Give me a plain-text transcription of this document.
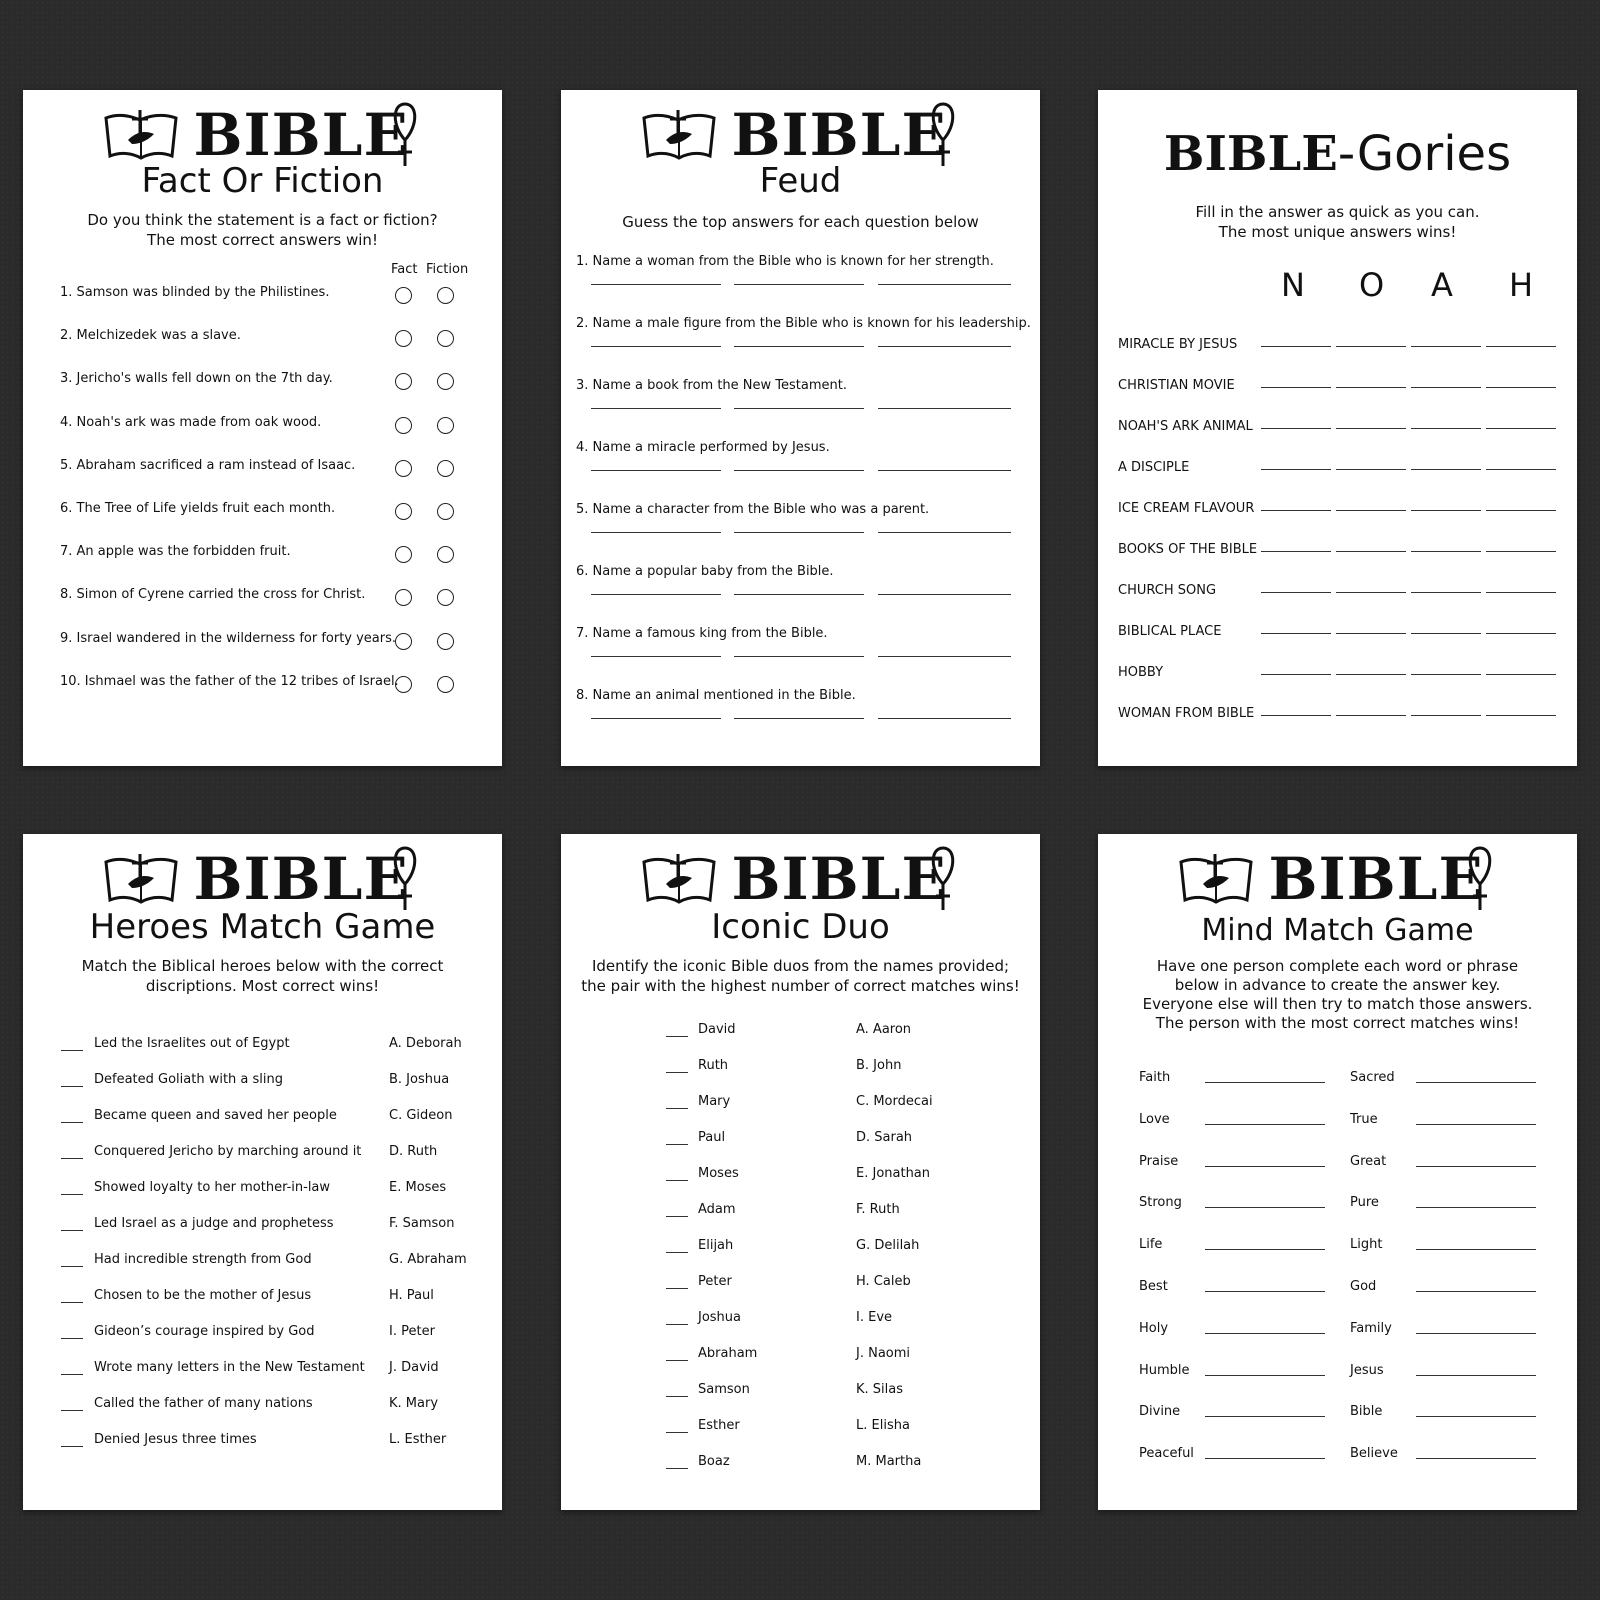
BIBLE
Fact Or Fiction
Do you think the statement is a fact or fiction?
The most correct answers win!
Fact Fiction
1. Samson was blinded by the Philistines.
2. Melchizedek was a slave.
3. Jericho's walls fell down on the 7th day.
4. Noah's ark was made from oak wood.
5. Abraham sacrificed a ram instead of Isaac.
6. The Tree of Life yields fruit each month.
7. An apple was the forbidden fruit.
8. Simon of Cyrene carried the cross for Christ.
9. Israel wandered in the wilderness for forty years.
10. Ishmael was the father of the 12 tribes of Israel.
BIBLE
Feud
Guess the top answers for each question below
1. Name a woman from the Bible who is known for her strength.
2. Name a male figure from the Bible who is known for his leadership.
3. Name a book from the New Testament.
4. Name a miracle performed by Jesus.
5. Name a character from the Bible who was a parent.
6. Name a popular baby from the Bible.
7. Name a famous king from the Bible.
8. Name an animal mentioned in the Bible.
BIBLE-Gories
Fill in the answer as quick as you can.
The most unique answers wins!
N O A H
MIRACLE BY JESUS
CHRISTIAN MOVIE
NOAH'S ARK ANIMAL
A DISCIPLE
ICE CREAM FLAVOUR
BOOKS OF THE BIBLE
CHURCH SONG
BIBLICAL PLACE
HOBBY
WOMAN FROM BIBLE
BIBLE
Heroes Match Game
Match the Biblical heroes below with the correct
discriptions. Most correct wins!
Led the Israelites out of Egypt	A. Deborah
Defeated Goliath with a sling	B. Joshua
Became queen and saved her people	C. Gideon
Conquered Jericho by marching around it D. Ruth
Showed loyalty to her mother-in-law	E. Moses
Led Israel as a judge and prophetess	F. Samson
Had incredible strength from God	G. Abraham
Chosen to be the mother of Jesus	H. Paul
Gideon’s courage inspired by God	I. Peter
Wrote many letters in the New Testament J. David
Called the father of many nations	K. Mary
Denied Jesus three times	L. Esther
BIBLE
Iconic Duo
Identify the iconic Bible duos from the names provided;
the pair with the highest number of correct matches wins!
David	A. Aaron
Ruth	B. John
Mary	C. Mordecai
Paul	D. Sarah
Moses	E. Jonathan
Adam	F. Ruth
Elijah	G. Delilah
Peter	H. Caleb
Joshua	I. Eve
Abraham	J. Naomi
Samson	K. Silas
Esther	L. Elisha
Boaz	M. Martha
BIBLE
Mind Match Game
Have one person complete each word or phrase
below in advance to create the answer key.
Everyone else will then try to match those answers.
The person with the most correct matches wins!
Faith	Sacred
Love	True
Praise	Great
Strong	Pure
Life	Light
Best	God
Holy	Family
Humble	Jesus
Divine	Bible
Peaceful	Believe
